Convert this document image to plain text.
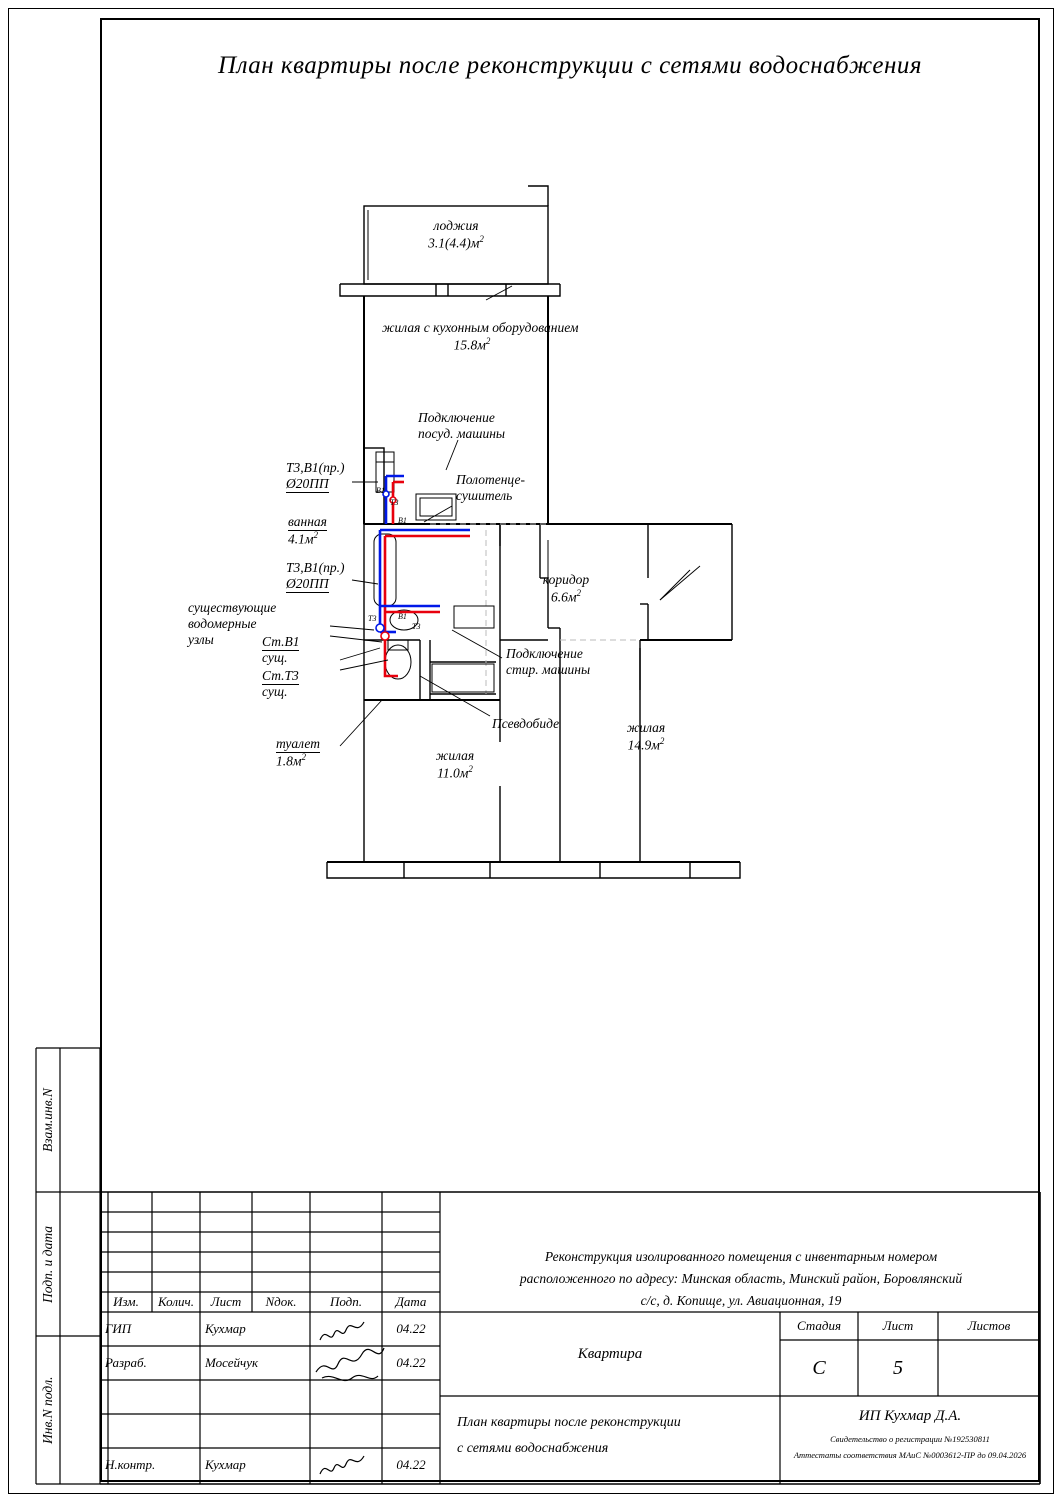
План квартиры после реконструкции с сетями водоснабжения
лоджия
$3.1(4.4)м^2$
жилая с кухонным оборудованием
$15.8м^2$
ванная
$4.1м^2$
коридор
$6.6м^2$
туалет
$1.8м^2$	жилая
$11.0м^2$
жилая
$14.9м^2$
Подключение
посуд. машины
Полотенце-
сушитель
Т3,В1(пр.)
Ø20ПП
Т3,В1(пр.)
Ø20ПП
существующие
водомерные
узлы	Ст.В1
сущ.
Ст.Т3
сущ.
Подключение
стир. машины
Псевдобиде
В1
Т3
В1
Т3	В1
Т3
Взам.инв.N
Подп. и дата
Инв.N подл.
Изм.	Колич.	Лист	Nдок.	Подп.	Дата
ГИП	Кухмар	04.22
Разраб.	Мосейчук	04.22
Н.контр.	Кухмар	04.22
Реконструкция изолированного помещения с инвентарным номером
расположенного по адресу: Минская область, Минский район, Боровлянский
с/с, д. Копище, ул. Авиационная, 19
Квартира
Стадия	Лист	Листов
С	5
План квартиры после реконструкции
с сетями водоснабжения
ИП Кухмар Д.А.
Свидетельство о регистрации №192530811
Аттестаты соответствия МАиС №0003612-ПР до 09.04.2026
